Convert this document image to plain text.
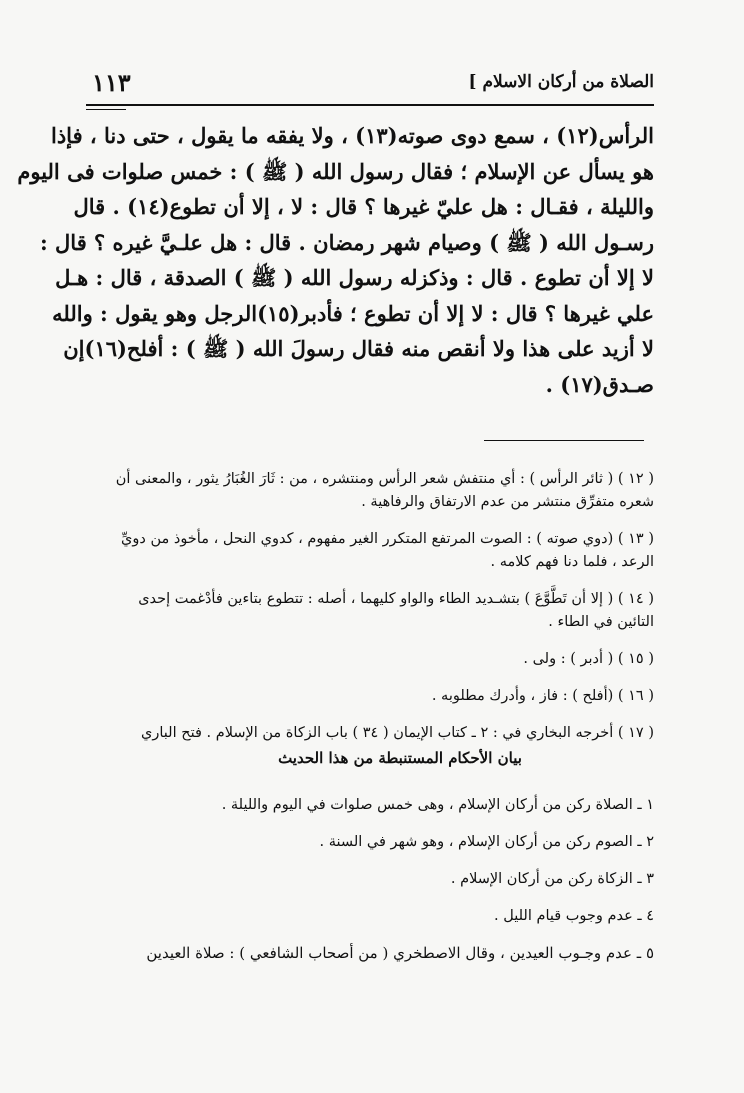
الصلاة من أركان الاسلام ]
١١٣
الرأس(١٢) ، سمع دوى صوته(١٣) ، ولا يفقه ما يقول ، حتى دنا ، فإذا
هو يسأل عن الإسلام ؛ فقال رسول الله ( ﷺ ) : خمس صلوات فى اليوم
والليلة ، فقـال : هل عليّ غيرها ؟ قال : لا ، إلا أن تطوع(١٤) . قال
رسـول الله ( ﷺ ) وصيام شهر رمضان . قال : هل علـيَّ غيره ؟ قال :
لا إلا أن تطوع . قال : وذكزله رسول الله ( ﷺ ) الصدقة ، قال : هـل
علي غيرها ؟ قال : لا إلا أن تطوع ؛ فأدبر(١٥)الرجل وهو يقول : والله
لا أزيد على هذا ولا أنقص منه فقال رسولَ الله ( ﷺ ) : أفلح(١٦)إن
صـدق(١٧) .
( ١٢ ) ( ثائر الرأس ) : أي منتفش شعر الرأس ومنتشره ، من : ثَارَ الغُبَارُ يثور ، والمعنى أن
شعره متفرِّق منتشر من عدم الارتفاق والرفاهية .
( ١٣ ) (دوي صوته ) : الصوت المرتفع المتكرر الغير مفهوم ، كدوي النحل ، مأخوذ من دويِّ
الرعد ، فلما دنا فهم كلامه .
( ١٤ ) ( إلا أن تَطَّوَّعَ ) بتشـديد الطاء والواو كليهما ، أصله : تتطوع بتاءين فأدْغمت إحدى
التائين في الطاء .
( ١٥ ) ( أدبر ) : ولى .
( ١٦ ) (أفلح ) : فاز ، وأدرك مطلوبه .
( ١٧ ) أخرجه البخاري في : ٢ ـ كتاب الإيمان ( ٣٤ ) باب الزكاة من الإسلام . فتح الباري
بيان الأحكام المستنبطة من هذا الحديث
١ ـ الصلاة ركن من أركان الإسلام ، وهى خمس صلوات في اليوم والليلة .
٢ ـ الصوم ركن من أركان الإسلام ، وهو شهر في السنة .
٣ ـ الزكاة ركن من أركان الإسلام .
٤ ـ عدم وجوب قيام الليل .
٥ ـ عدم وجـوب العيدين ، وقال الاصطخري ( من أصحاب الشافعي ) : صلاة العيدين
